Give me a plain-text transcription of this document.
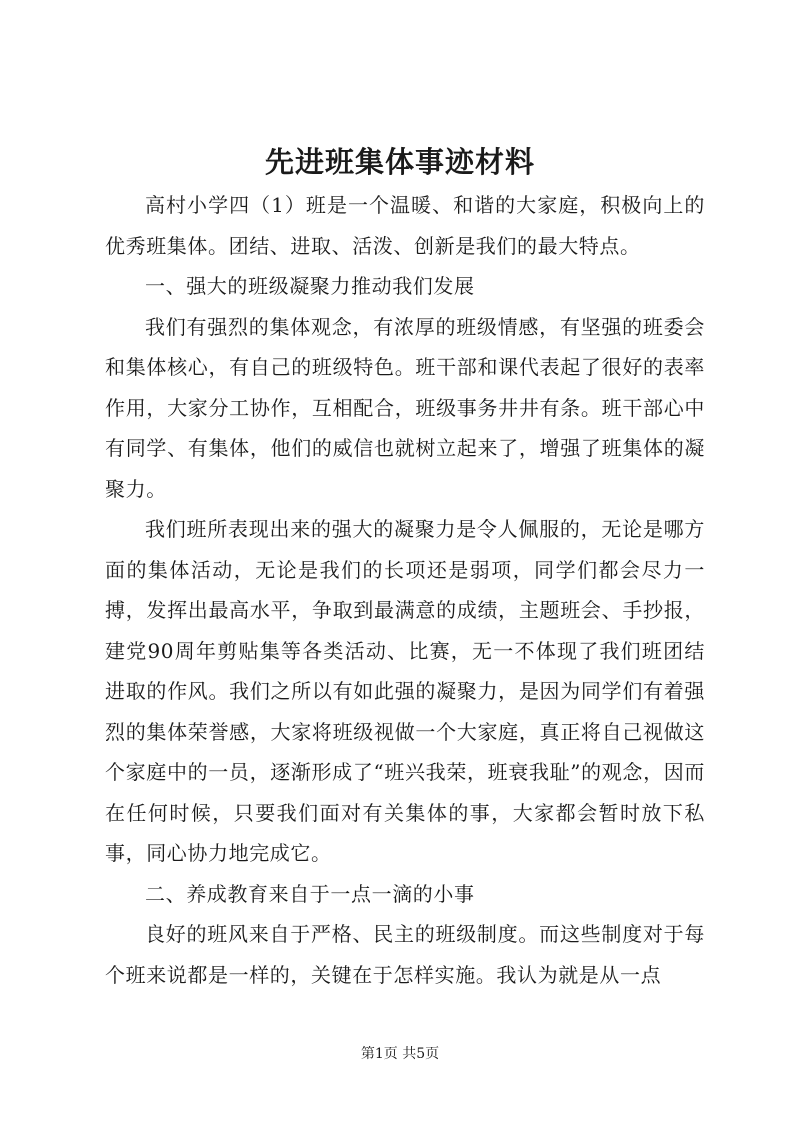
先进班集体事迹材料

高村小学四（1）班是一个温暖、和谐的大家庭，积极向上的优秀班集体。团结、进取、活泼、创新是我们的最大特点。

一、强大的班级凝聚力推动我们发展

我们有强烈的集体观念，有浓厚的班级情感，有坚强的班委会和集体核心，有自己的班级特色。班干部和课代表起了很好的表率作用，大家分工协作，互相配合，班级事务井井有条。班干部心中有同学、有集体，他们的威信也就树立起来了，增强了班集体的凝聚力。

我们班所表现出来的强大的凝聚力是令人佩服的，无论是哪方面的集体活动，无论是我们的长项还是弱项，同学们都会尽力一搏，发挥出最高水平，争取到最满意的成绩，主题班会、手抄报，建党90周年剪贴集等各类活动、比赛，无一不体现了我们班团结进取的作风。我们之所以有如此强的凝聚力，是因为同学们有着强烈的集体荣誉感，大家将班级视做一个大家庭，真正将自己视做这个家庭中的一员，逐渐形成了“班兴我荣，班衰我耻”的观念，因而在任何时候，只要我们面对有关集体的事，大家都会暂时放下私事，同心协力地完成它。

二、养成教育来自于一点一滴的小事

良好的班风来自于严格、民主的班级制度。而这些制度对于每个班来说都是一样的，关键在于怎样实施。我认为就是从一点

第1页 共5页
